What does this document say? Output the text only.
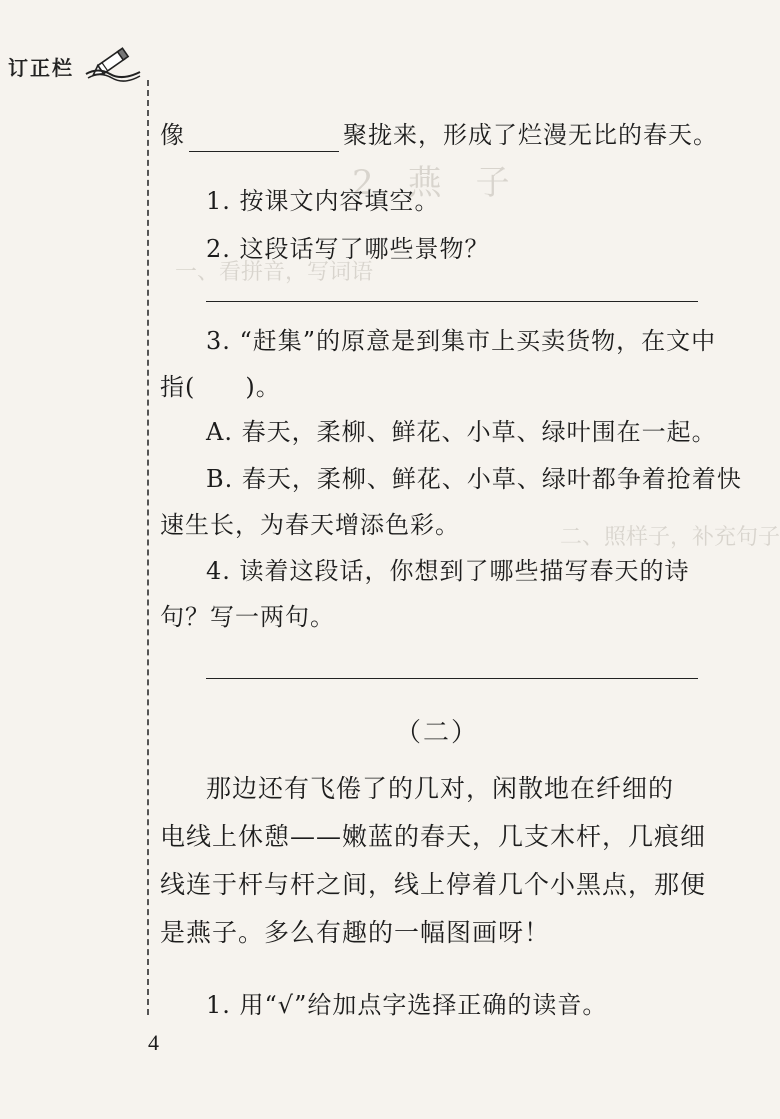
2　燕　子
一、看拼音，写词语
二、照样子，补充句子
订正栏
像	聚拢来，形成了烂漫无比的春天。
1. 按课文内容填空。
2. 这段话写了哪些景物？
3. “赶集”的原意是到集市上买卖货物，在文中
指(　　)。
A. 春天，柔柳、鲜花、小草、绿叶围在一起。
B. 春天，柔柳、鲜花、小草、绿叶都争着抢着快
速生长，为春天增添色彩。
4. 读着这段话，你想到了哪些描写春天的诗
句？写一两句。
（二）
那边还有飞倦了的几对，闲散地在纤细的
电线上休憩——嫩蓝的春天，几支木杆，几痕细
线连于杆与杆之间，线上停着几个小黑点，那便
是燕子。多么有趣的一幅图画呀！
1. 用“√”给加点字选择正确的读音。
4
